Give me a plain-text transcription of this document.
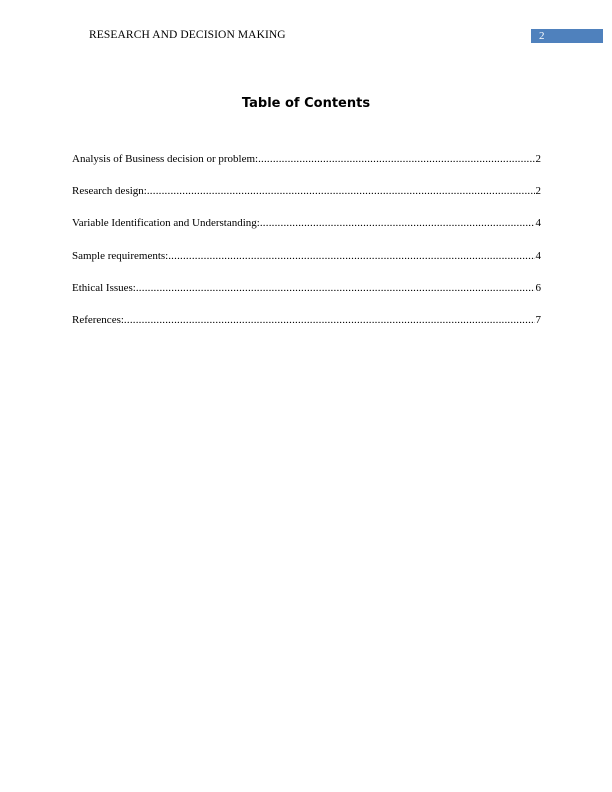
RESEARCH AND DECISION MAKING	2
Table of Contents
Analysis of Business decision or problem: .....	2
Research design: .....	2
Variable Identification and Understanding: .....	4
Sample requirements: .....	4
Ethical Issues: .....	6
References: .....	7
